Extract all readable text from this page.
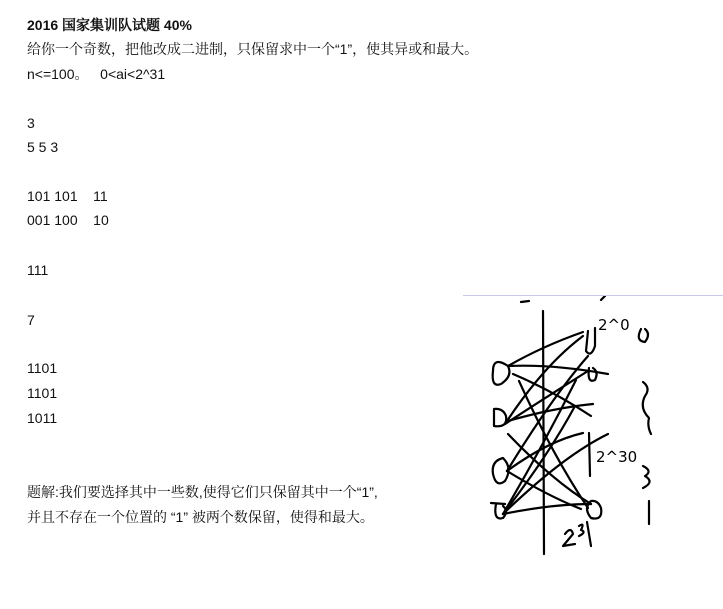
2016 国家集训队试题 40%
给你一个奇数，把他改成二进制，只保留求中一个“1”，使其异或和最大。
n<=100。   0<ai<2^31
3
5 5 3
101 101    11
001 100    10
111
7
1101
1101
1011
题解:我们要选择其中一些数,使得它们只保留其中一个“1”,
并且不存在一个位置的 “1” 被两个数保留，使得和最大。
2^0
2^30
